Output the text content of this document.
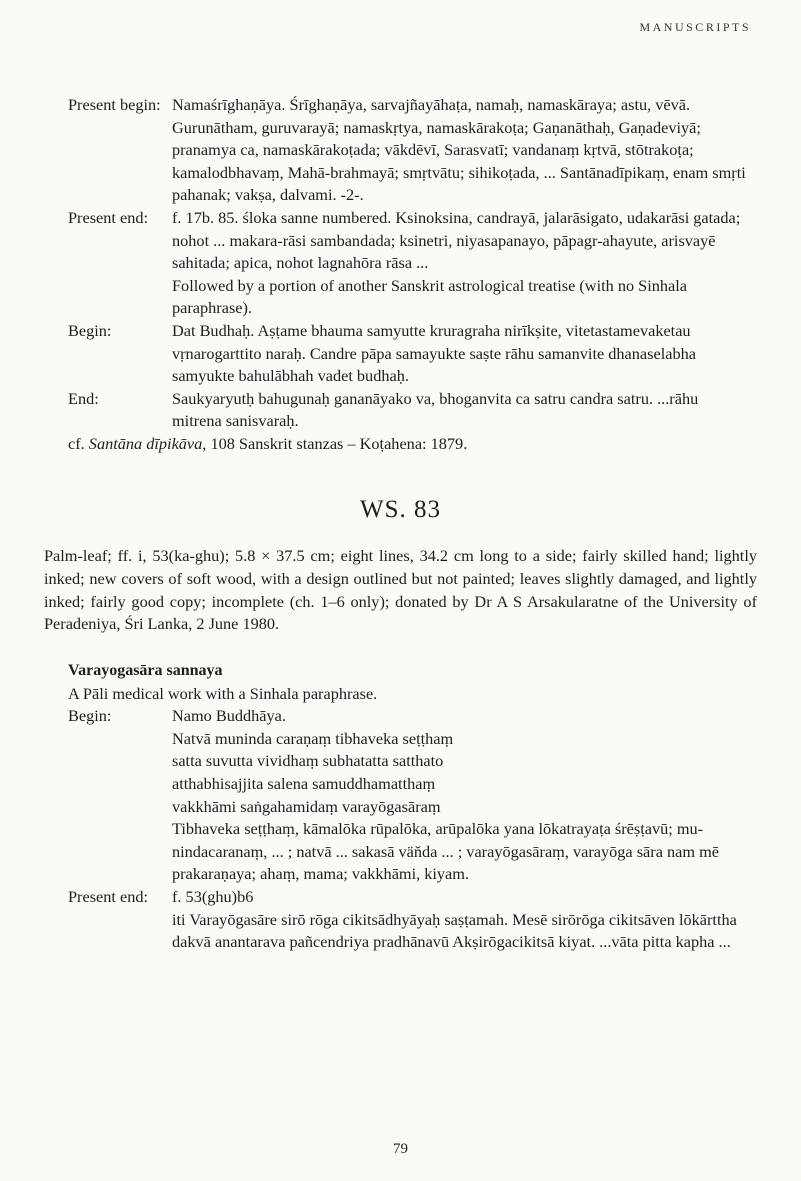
MANUSCRIPTS
Present begin: Namaśrīghaṇāya. Śrīghaṇāya, sarvajñayāhaṭa, namaḥ, namaskāraya; astu, vēvā. Gurunātham, guruvarayā; namaskṛtya, namaskārakoṭa; Gaṇanāthaḥ, Gaṇadeviyā; pranamya ca, namaskārakoṭada; vākdēvī, Sarasvatī; vandanaṃ kṛtvā, stōtrakoṭa; kamalodbhavaṃ, Mahā-brahmayā; smṛtvātu; sihikoṭada, ... Santānadīpikaṃ, enam smṛti pahanak; vakṣa, dalvami. -2-.
Present end:	f. 17b. 85. śloka sanne numbered. Ksinoksina, candrayā, jalarāsigato, udakarāsi gatada; nohot ... makara-rāsi sambandada; ksinetri, niyasapanayo, pāpagr-ahayute, arisvayē sahitada; apica, nohot lagnahōra rāsa ...
Followed by a portion of another Sanskrit astrological treatise (with no Sinhala paraphrase).
Begin:	Dat Budhaḥ. Aṣṭame bhauma samyutte kruragraha nirīkṣite, vitetastamevaketau vṛnarogarttito naraḥ. Candre pāpa samayukte saṣte rāhu samanvite dhanaselabha samyukte bahulābhah vadet budhaḥ.
End:	Saukyaryutḥ bahugunaḥ gananāyako va, bhoganvita ca satru candra satru. ...rāhu mitrena sanisvaraḥ.
cf. Santāna dīpikāva, 108 Sanskrit stanzas – Koṭahena: 1879.
WS. 83
Palm-leaf; ff. i, 53(ka-ghu); 5.8 × 37.5 cm; eight lines, 34.2 cm long to a side; fairly skilled hand; lightly inked; new covers of soft wood, with a design outlined but not painted; leaves slightly damaged, and lightly inked; fairly good copy; incomplete (ch. 1–6 only); donated by Dr A S Arsakularatne of the University of Peradeniya, Śri Lanka, 2 June 1980.
Varayogasāra sannaya
A Pāli medical work with a Sinhala paraphrase.
Begin:	Namo Buddhāya.
Natvā muninda caraṇaṃ tibhaveka seṭṭhaṃ
satta suvutta vividhaṃ subhatatta satthato
atthabhisajjita salena samuddhamatthaṃ
vakkhāmi saṅgahamidaṃ varayōgasāraṃ
Tibhaveka seṭṭhaṃ, kāmalōka rūpalōka, arūpalōka yana lōkatrayaṭa śrēṣṭavū; mu-nindacaranaṃ, ... ; natvā ... sakasā väňda ... ; varayōgasāraṃ, varayōga sāra nam mē prakaraṇaya; ahaṃ, mama; vakkhāmi, kiyam.
Present end:	f. 53(ghu)b6
iti Varayōgasāre sirō rōga cikitsādhyāyaḥ saṣṭamah. Mesē sirōrōga cikitsāven lōkārttha dakvā anantarava pañcendriya pradhānavū Akṣirōgacikitsā kiyat. ...vāta pitta kapha ...
79
